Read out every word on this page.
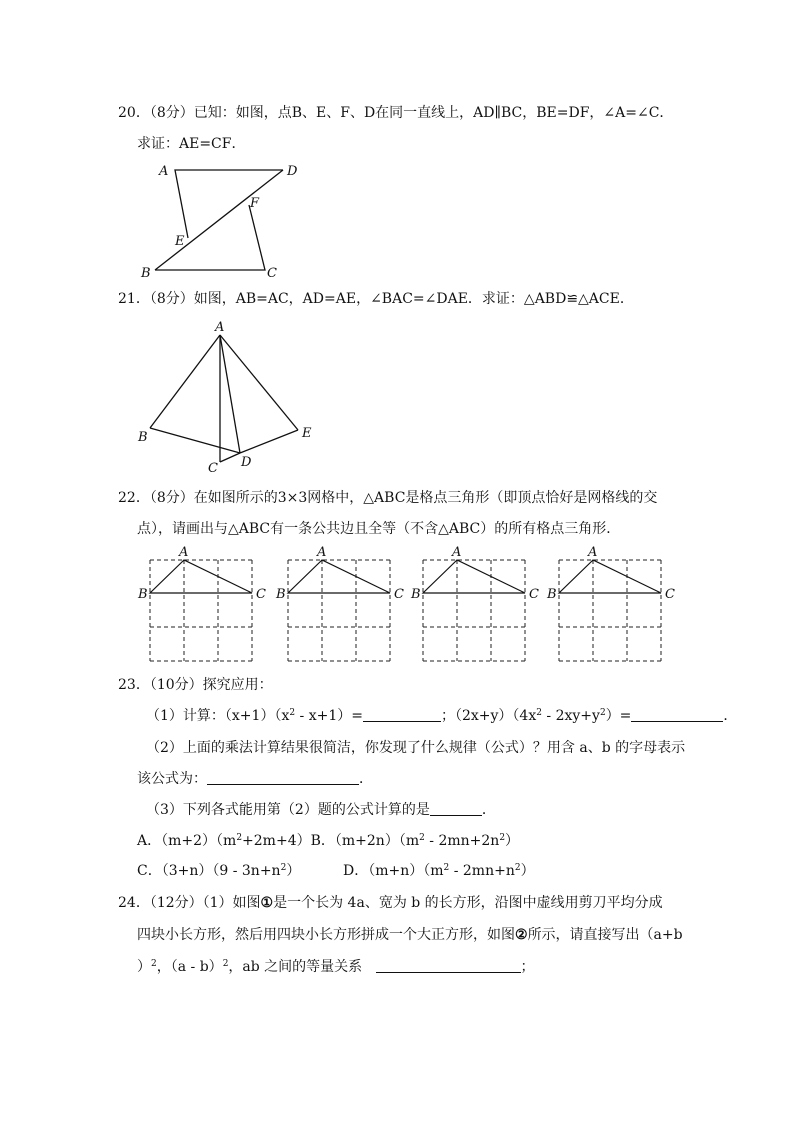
20．（8分）已知：如图，点B、E、F、D在同一直线上，AD∥BC，BE=DF，∠A=∠C．
求证：AE=CF．
A	D
F
E
B	C
21．（8分）如图，AB=AC，AD=AE，∠BAC=∠DAE．求证：△ABD≌△ACE．
A
B
C D
E
22．（8分）在如图所示的3×3网格中，△ABC是格点三角形（即顶点恰好是网格线的交
点），请画出与△ABC有一条公共边且全等（不含△ABC）的所有格点三角形．
A
B	C
A
B	C
A
B	C
A
B	C
23．（10分）探究应用：
（1）计算：$(x+1)(x^2 - x+1)=$	；$(2x+y)(4x^2 - 2xy+y^2)=$	．
（2）上面的乘法计算结果很简洁，你发现了什么规律（公式）？用含 a、b 的字母表示
该公式为：	．
（3）下列各式能用第（2）题的公式计算的是	．
A．$(m+2)(m^2+2m+4)B$．$(m+2n)(m^2 - 2mn+2n^2)$
C．$(3+n)(9 - 3n+n^2)$	D．$(m+n)(m^2 - 2mn+n^2)$
24．（12分）（1）如图①是一个长为 4a、宽为 b 的长方形，沿图中虚线用剪刀平均分成
四块小长方形，然后用四块小长方形拼成一个大正方形，如图②所示，请直接写出（a+b
）$^2$，（a - b）$^2$，ab 之间的等量关系	；
